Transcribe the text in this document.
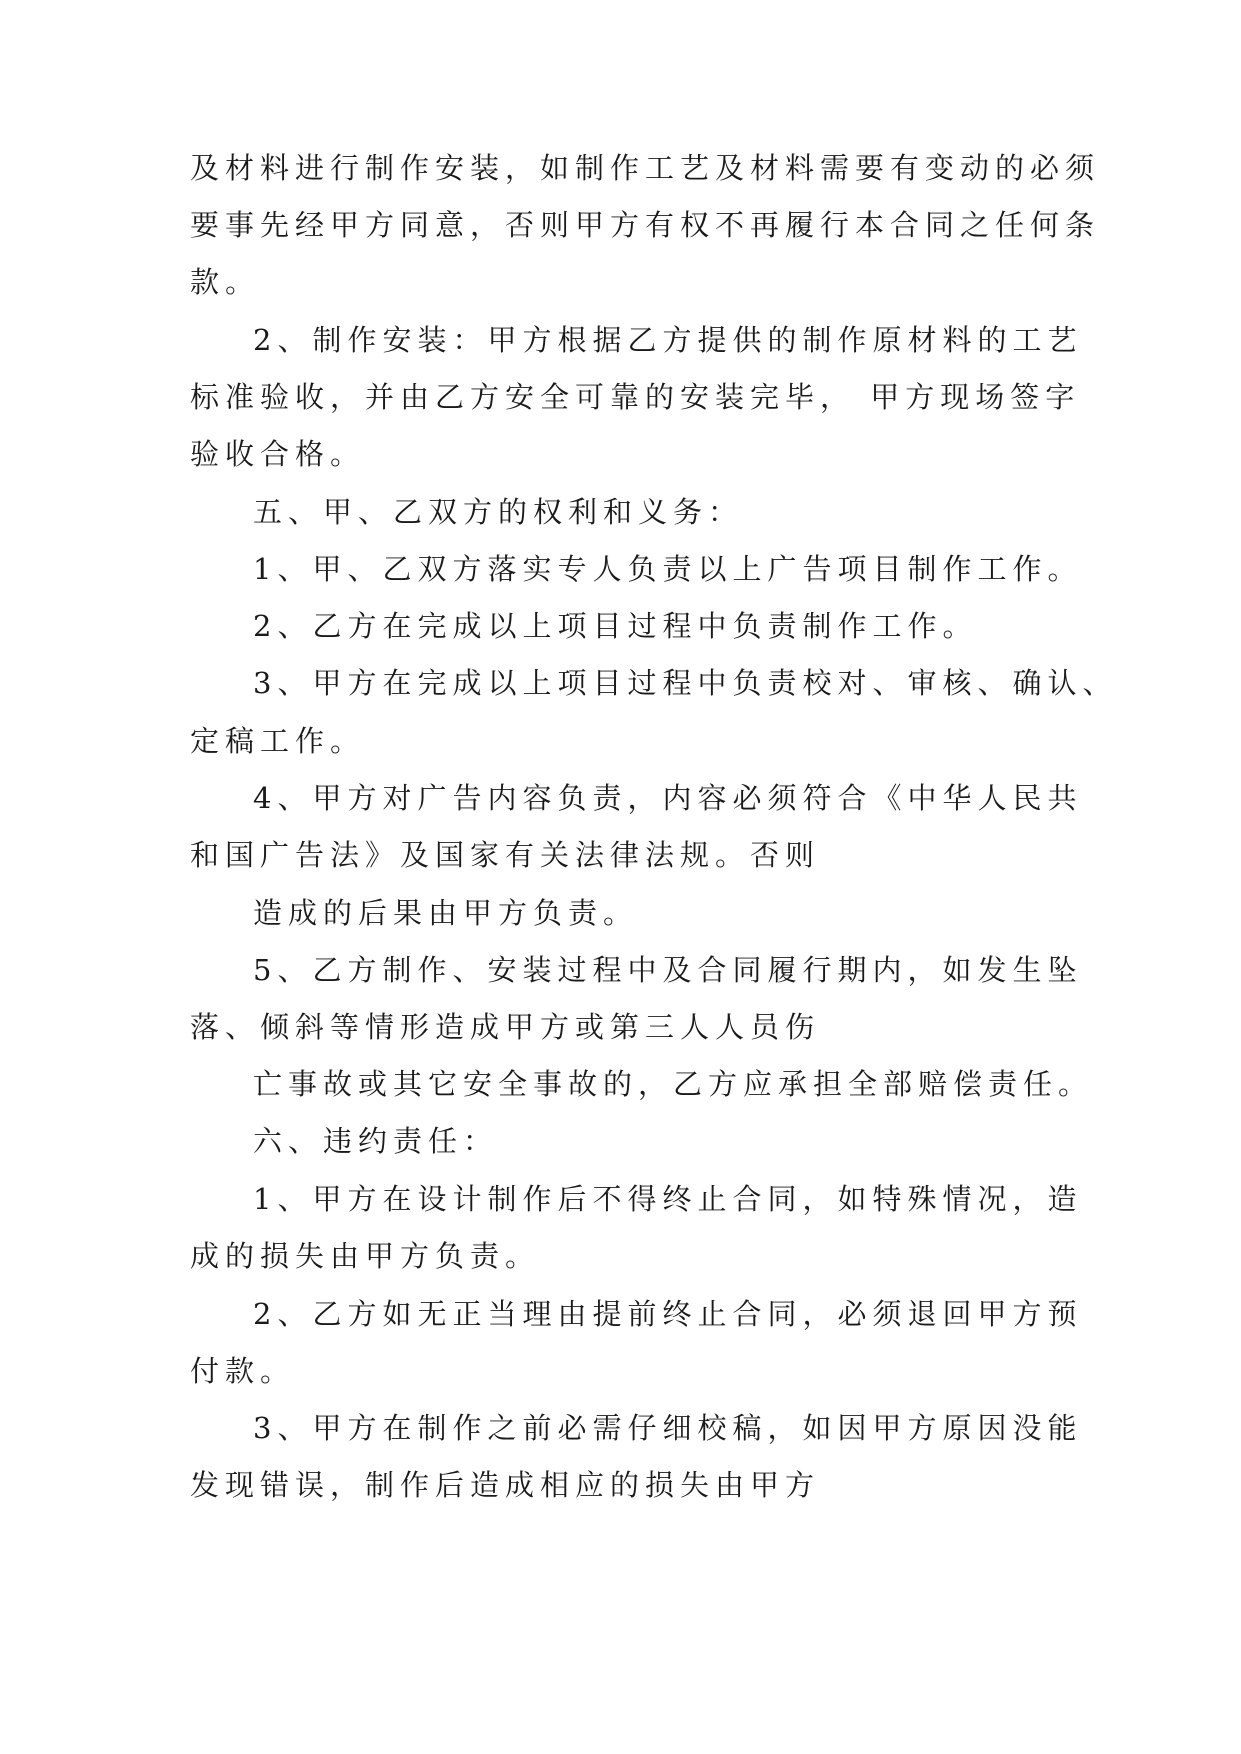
及材料进行制作安装，如制作工艺及材料需要有变动的必须
要事先经甲方同意，否则甲方有权不再履行本合同之任何条
款。
2、制作安装：甲方根据乙方提供的制作原材料的工艺
标准验收，并由乙方安全可靠的安装完毕， 甲方现场签字
验收合格。
五、甲、乙双方的权利和义务：
1、甲、乙双方落实专人负责以上广告项目制作工作。
2、乙方在完成以上项目过程中负责制作工作。
3、甲方在完成以上项目过程中负责校对、审核、确认、
定稿工作。
4、甲方对广告内容负责，内容必须符合《中华人民共
和国广告法》及国家有关法律法规。否则
造成的后果由甲方负责。
5、乙方制作、安装过程中及合同履行期内，如发生坠
落、倾斜等情形造成甲方或第三人人员伤
亡事故或其它安全事故的，乙方应承担全部赔偿责任。
六、违约责任：
1、甲方在设计制作后不得终止合同，如特殊情况，造
成的损失由甲方负责。
2、乙方如无正当理由提前终止合同，必须退回甲方预
付款。
3、甲方在制作之前必需仔细校稿，如因甲方原因没能
发现错误，制作后造成相应的损失由甲方
